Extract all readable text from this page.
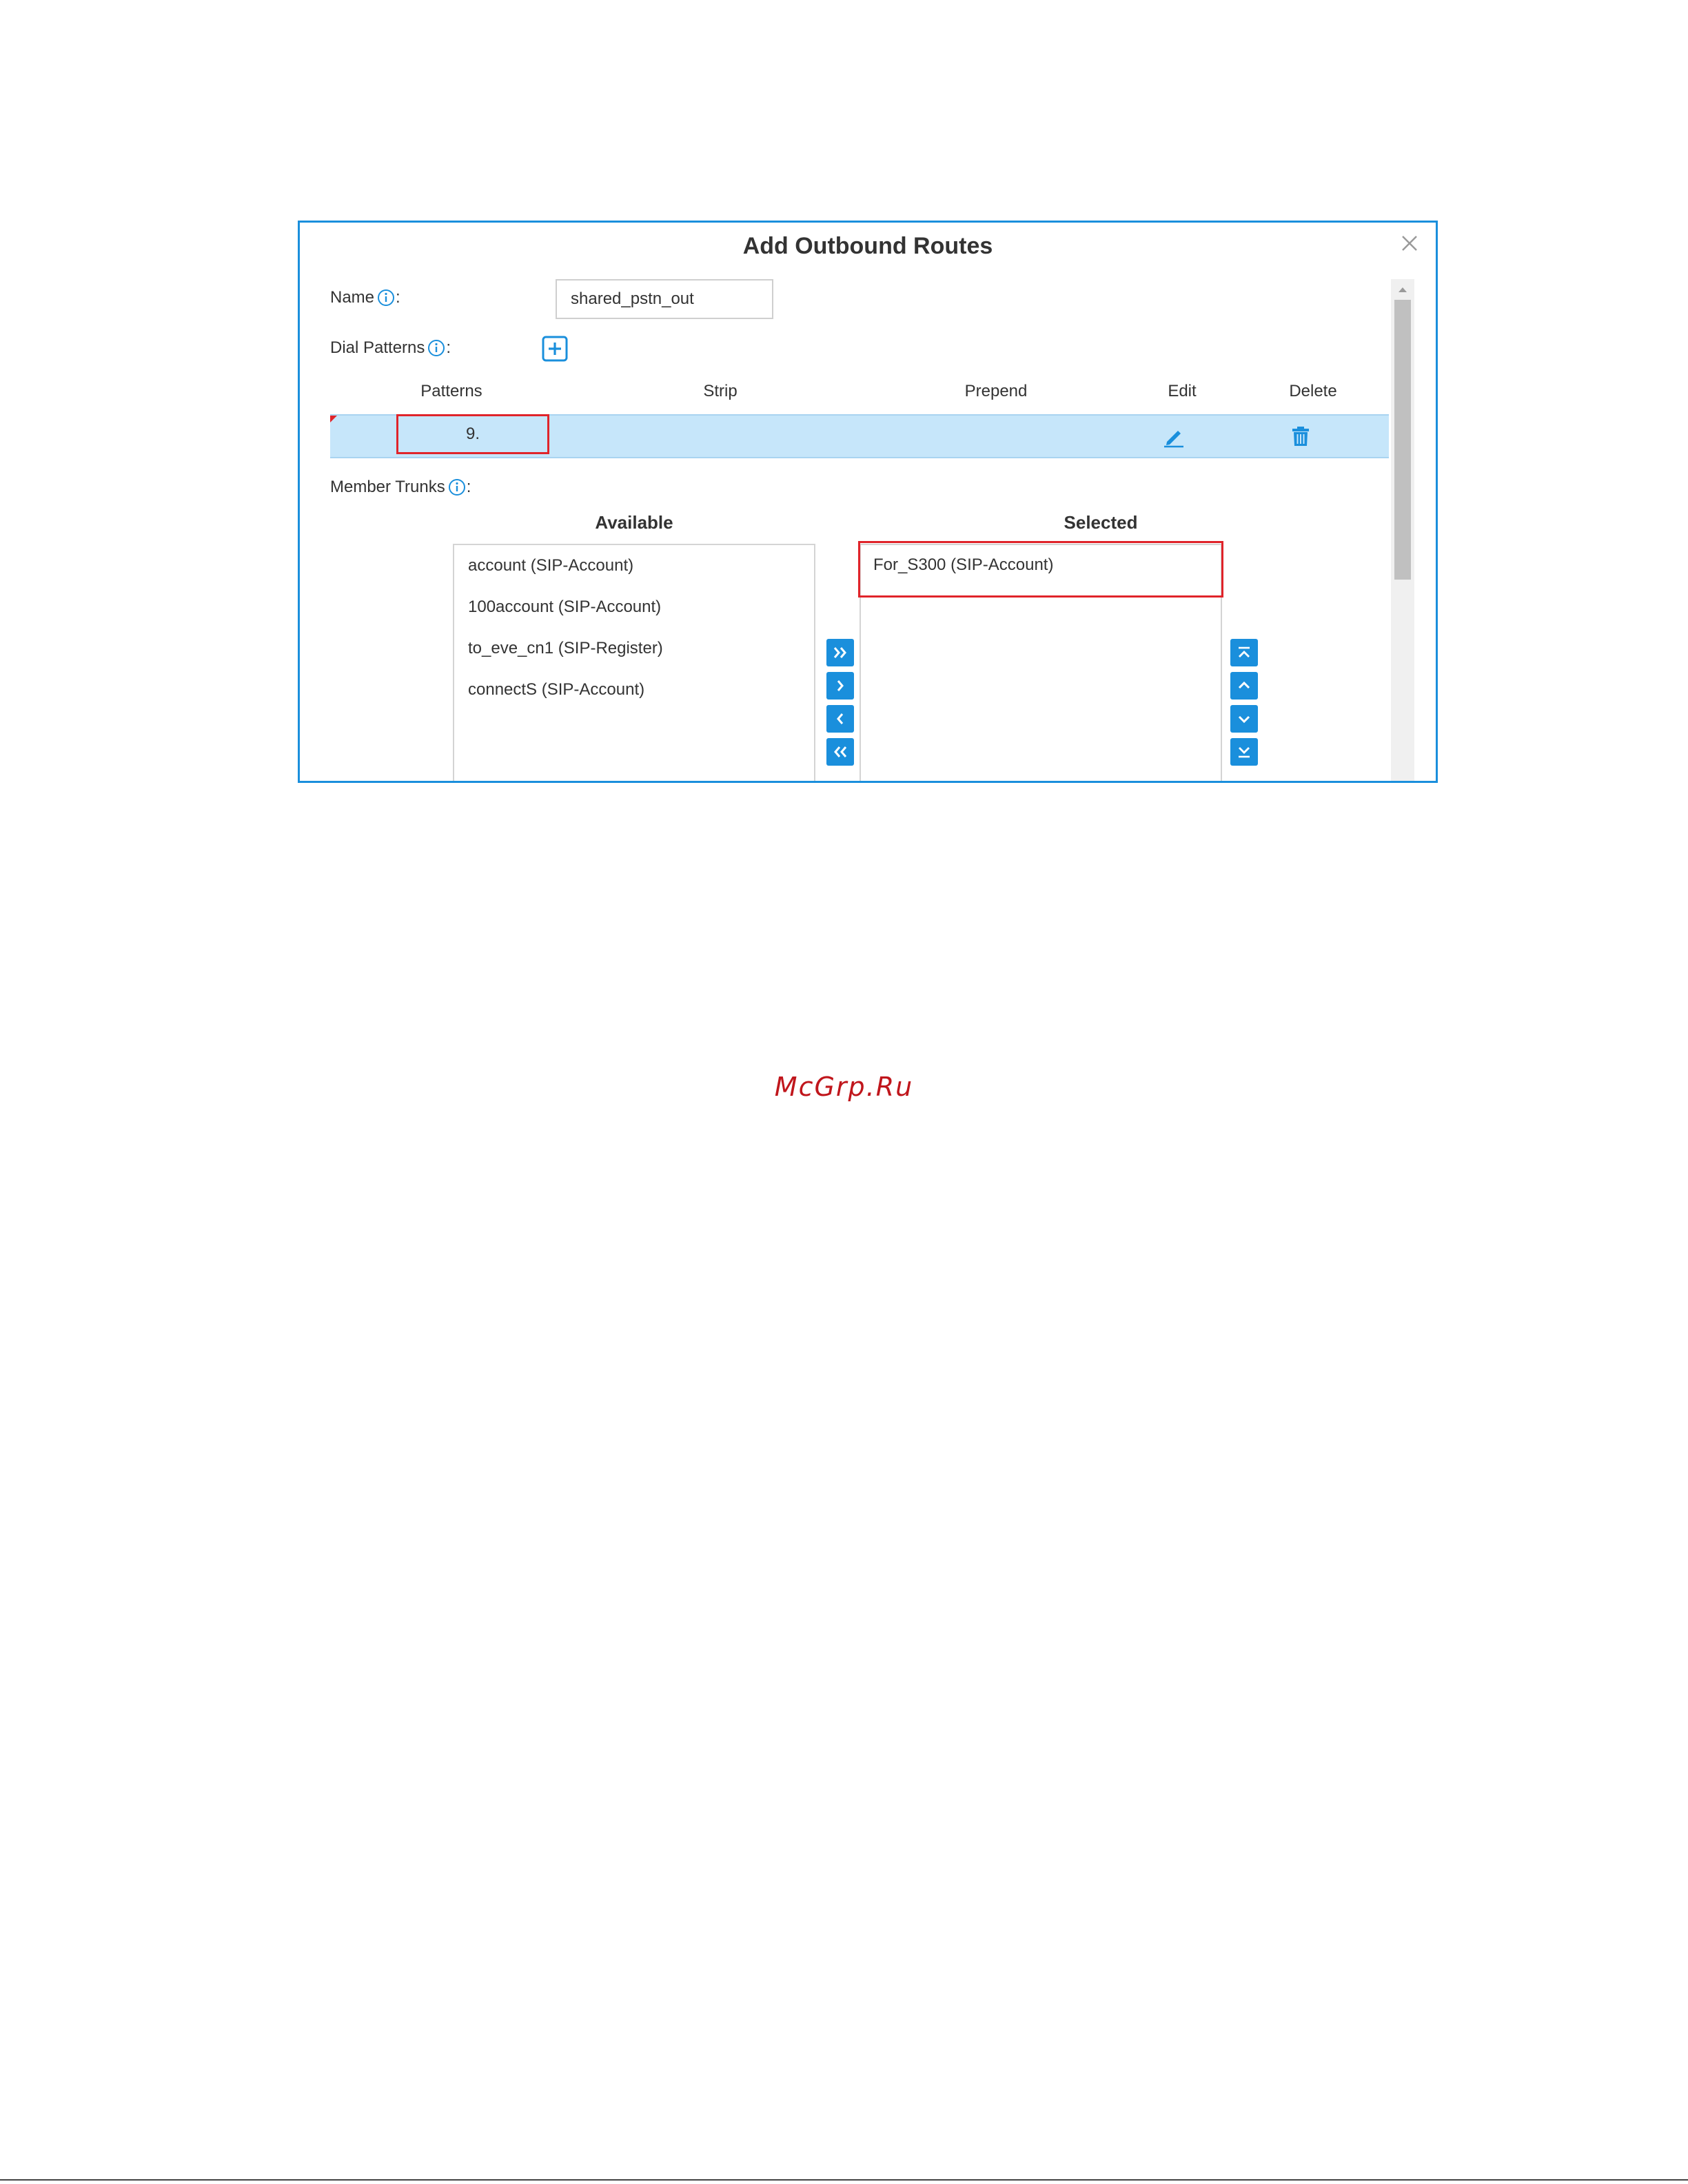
Add Outbound Routes
Name :
shared_pstn_out
Dial Patterns :
Patterns	Strip	Prepend	Edit	Delete
9.
Member Trunks :
Available	Selected
account (SIP-Account)
100account (SIP-Account)
to_eve_cn1 (SIP-Register)
connectS (SIP-Account)
For_S300 (SIP-Account)
McGrp.Ru
